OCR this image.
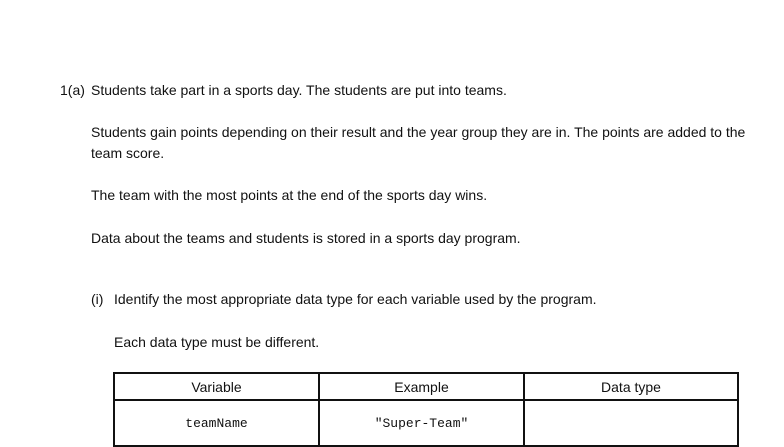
1(a) Students take part in a sports day. The students are put into teams.

Students gain points depending on their result and the year group they are in. The points are added to the team score.

The team with the most points at the end of the sports day wins.

Data about the teams and students is stored in a sports day program.

(i) Identify the most appropriate data type for each variable used by the program.

Each data type must be different.

Variable	Example	Data type
teamName	"Super-Team"	
